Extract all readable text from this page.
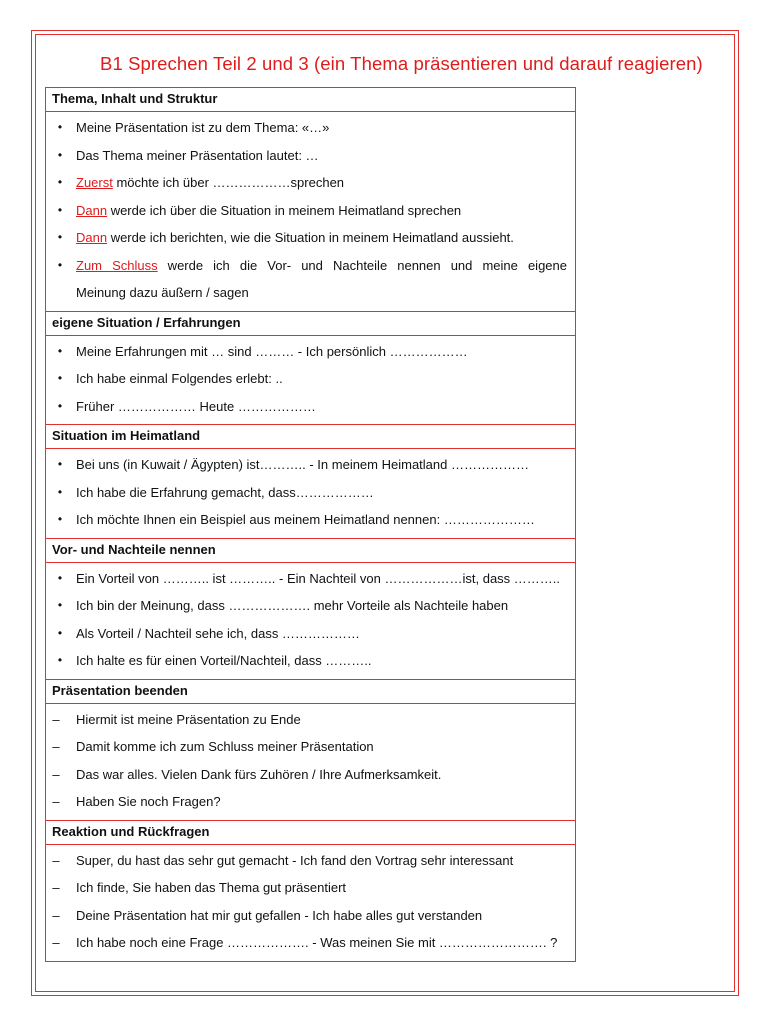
B1 Sprechen Teil 2 und 3 (ein Thema präsentieren und darauf reagieren)
Thema, Inhalt und Struktur
•	Meine Präsentation ist zu dem Thema: «…»
•	Das Thema meiner Präsentation lautet: …
•	Zuerst möchte ich über ………………sprechen
•	Dann werde ich über die Situation in meinem Heimatland sprechen
•	Dann werde ich berichten, wie die Situation in meinem Heimatland aussieht.
•	Zum Schluss werde ich die Vor- und Nachteile nennen und meine eigene
Meinung dazu äußern / sagen
eigene Situation / Erfahrungen
•	Meine Erfahrungen mit … sind ……… - Ich persönlich ………………
•	Ich habe einmal Folgendes erlebt: ..
•	Früher ……………… Heute ………………
Situation im Heimatland
•	Bei uns (in Kuwait / Ägypten) ist……….. - In meinem Heimatland ………………
•	Ich habe die Erfahrung gemacht, dass………………
•	Ich möchte Ihnen ein Beispiel aus meinem Heimatland nennen: …………………
Vor- und Nachteile nennen
•	Ein Vorteil von ……….. ist ……….. - Ein Nachteil von ………………ist, dass ………..
•	Ich bin der Meinung, dass ………………. mehr Vorteile als Nachteile haben
•	Als Vorteil / Nachteil sehe ich, dass ………………
•	Ich halte es für einen Vorteil/Nachteil, dass ………..
Präsentation beenden
–	Hiermit ist meine Präsentation zu Ende
–	Damit komme ich zum Schluss meiner Präsentation
–	Das war alles. Vielen Dank fürs Zuhören / Ihre Aufmerksamkeit.
–	Haben Sie noch Fragen?
Reaktion und Rückfragen
–	Super, du hast das sehr gut gemacht - Ich fand den Vortrag sehr interessant
–	Ich finde, Sie haben das Thema gut präsentiert
–	Deine Präsentation hat mir gut gefallen - Ich habe alles gut verstanden
–	Ich habe noch eine Frage ………………. - Was meinen Sie mit ……………………. ?
